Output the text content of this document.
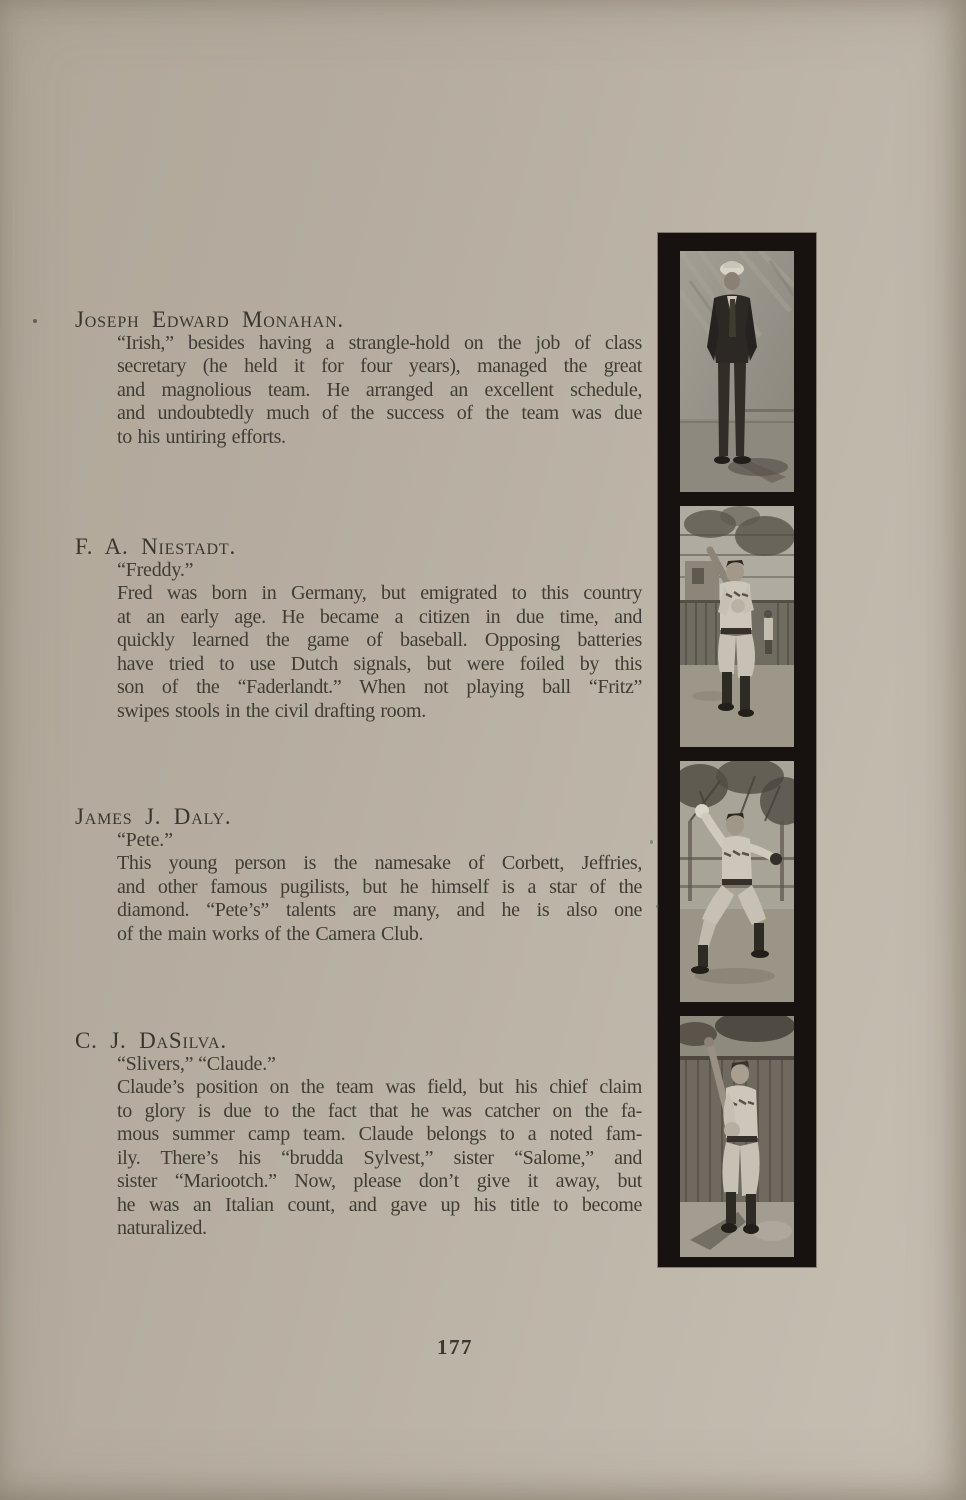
Joseph Edward Monahan.
“Irish,” besides having a strangle-hold on the job of class
secretary (he held it for four years), managed the great
and magnolious team. He arranged an excellent schedule,
and undoubtedly much of the success of the team was due
to his untiring efforts.
F. A. Niestadt.
“Freddy.”
Fred was born in Germany, but emigrated to this country
at an early age. He became a citizen in due time, and
quickly learned the game of baseball. Opposing batteries
have tried to use Dutch signals, but were foiled by this
son of the “Faderlandt.” When not playing ball “Fritz”
swipes stools in the civil drafting room.
James J. Daly.
“Pete.”
This young person is the namesake of Corbett, Jeffries,
and other famous pugilists, but he himself is a star of the
diamond. “Pete’s” talents are many, and he is also one
of the main works of the Camera Club.
C. J. DaSilva.
“Slivers,” “Claude.”
Claude’s position on the team was field, but his chief claim
to glory is due to the fact that he was catcher on the fa-
mous summer camp team. Claude belongs to a noted fam-
ily. There’s his “brudda Sylvest,” sister “Salome,” and
sister “Mariootch.” Now, please don’t give it away, but
he was an Italian count, and gave up his title to become
naturalized.
177
